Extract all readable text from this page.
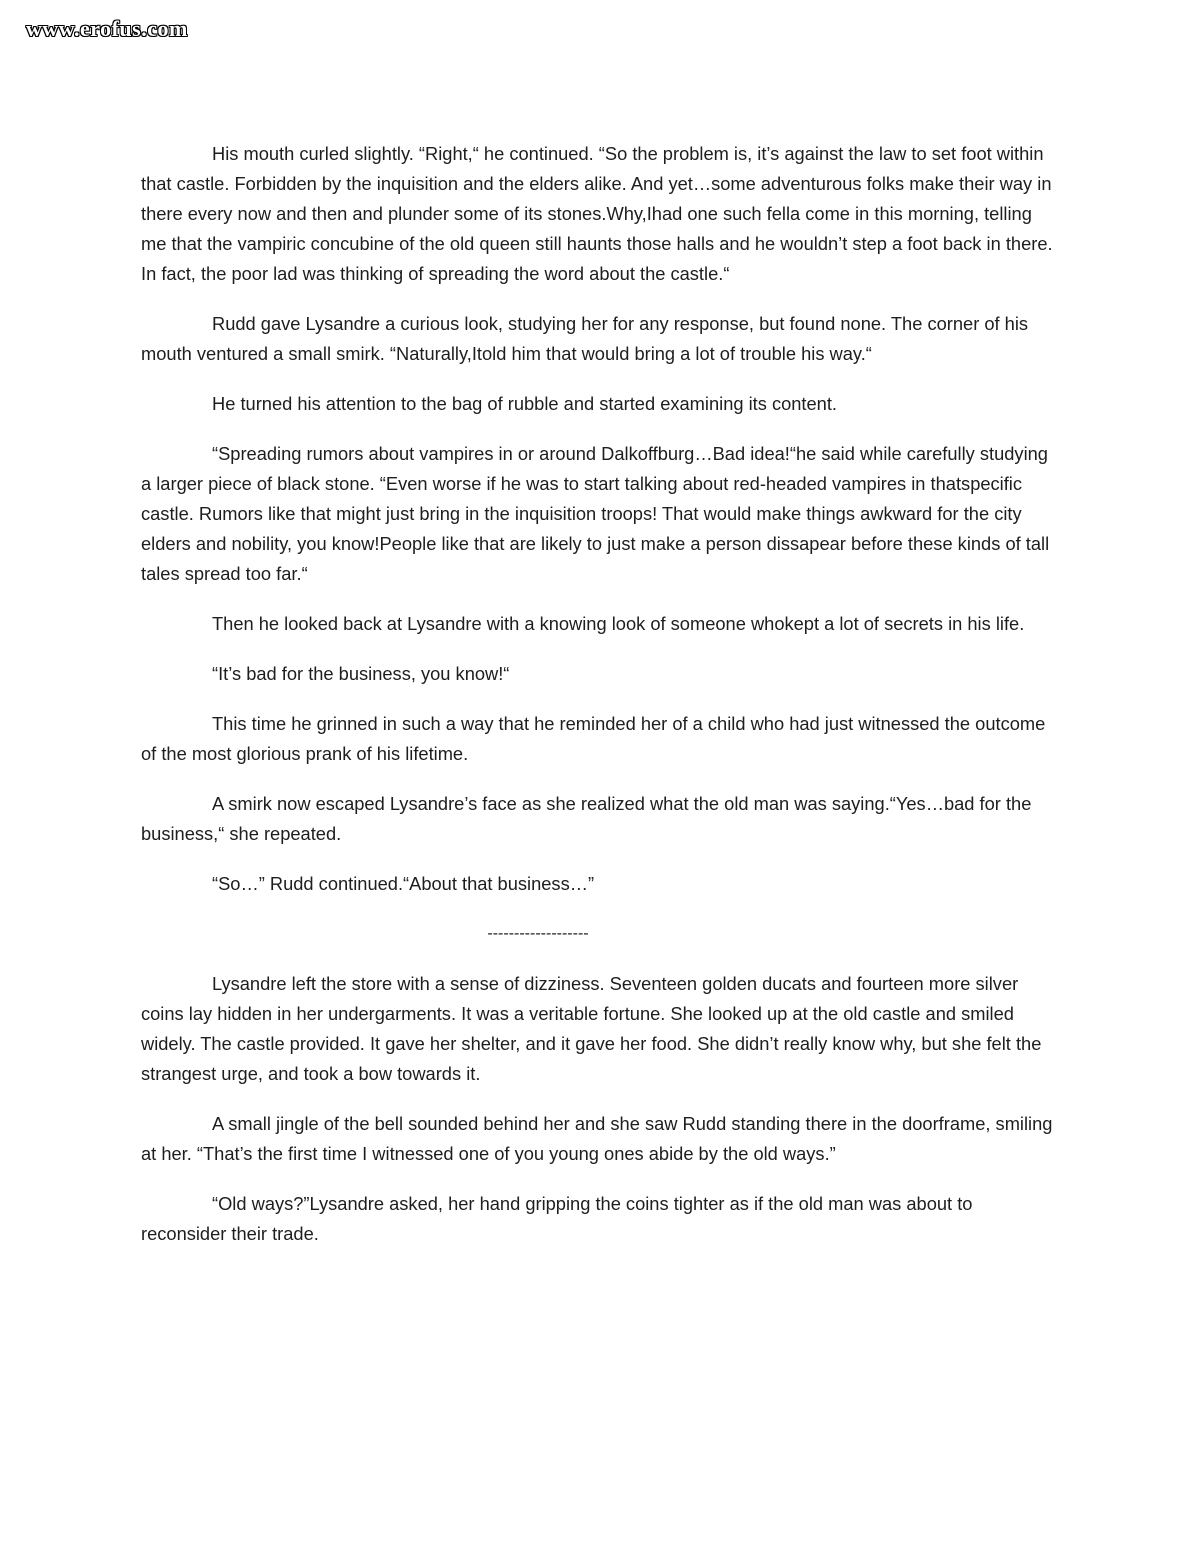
www.erofus.com

His mouth curled slightly. “Right,“ he continued. “So the problem is, it’s against the law to set foot within that castle. Forbidden by the inquisition and the elders alike. And yet…some adventurous folks make their way in there every now and then and plunder some of its stones.Why,Ihad one such fella come in this morning, telling me that the vampiric concubine of the old queen still haunts those halls and he wouldn’t step a foot back in there. In fact, the poor lad was thinking of spreading the word about the castle.“

Rudd gave Lysandre a curious look, studying her for any response, but found none. The corner of his mouth ventured a small smirk. “Naturally,Itold him that would bring a lot of trouble his way.“

He turned his attention to the bag of rubble and started examining its content.

“Spreading rumors about vampires in or around Dalkoffburg…Bad idea!“he said while carefully studying a larger piece of black stone. “Even worse if he was to start talking about red-headed vampires in thatspecific castle. Rumors like that might just bring in the inquisition troops! That would make things awkward for the city elders and nobility, you know!People like that are likely to just make a person dissapear before these kinds of tall tales spread too far.“

Then he looked back at Lysandre with a knowing look of someone whokept a lot of secrets in his life.

“It’s bad for the business, you know!“

This time he grinned in such a way that he reminded her of a child who had just witnessed the outcome of the most glorious prank of his lifetime.

A smirk now escaped Lysandre’s face as she realized what the old man was saying.“Yes…bad for the business,“ she repeated.

“So…” Rudd continued.“About that business…”

-------------------

Lysandre left the store with a sense of dizziness. Seventeen golden ducats and fourteen more silver coins lay hidden in her undergarments. It was a veritable fortune. She looked up at the old castle and smiled widely. The castle provided. It gave her shelter, and it gave her food. She didn’t really know why, but she felt the strangest urge, and took a bow towards it.

A small jingle of the bell sounded behind her and she saw Rudd standing there in the doorframe, smiling at her. “That’s the first time I witnessed one of you young ones abide by the old ways.”

“Old ways?”Lysandre asked, her hand gripping the coins tighter as if the old man was about to reconsider their trade.
